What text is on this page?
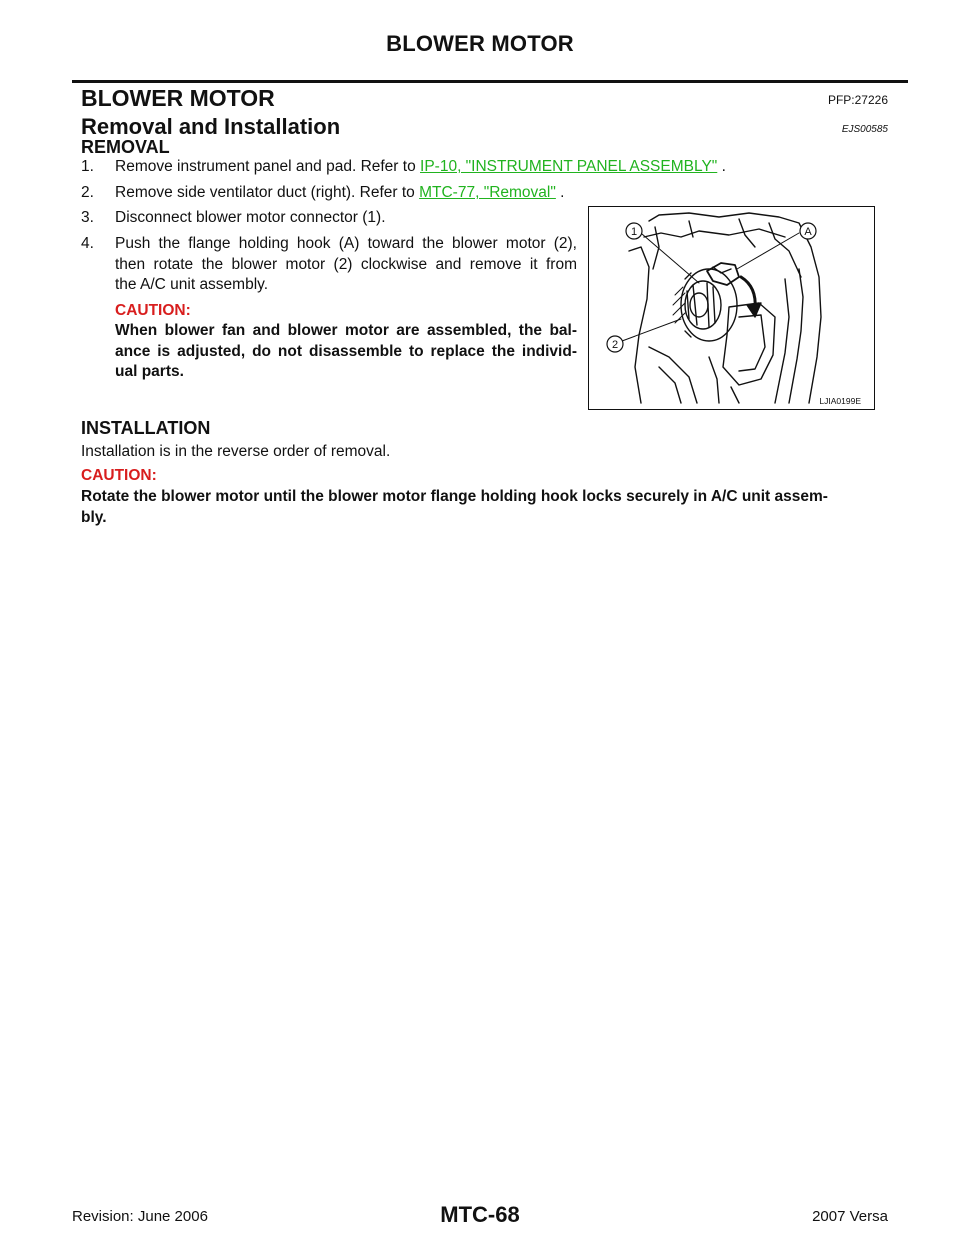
BLOWER MOTOR
BLOWER MOTOR	PFP:27226
Removal and Installation	EJS00585
REMOVAL
1. Remove instrument panel and pad. Refer to IP-10, "INSTRUMENT PANEL ASSEMBLY" .
2. Remove side ventilator duct (right). Refer to MTC-77, "Removal" .
3. Disconnect blower motor connector (1).
4.	Push the flange holding hook (A) toward the blower motor (2),
then rotate the blower motor (2) clockwise and remove it from
the A/C unit assembly.
CAUTION:
When blower fan and blower motor are assembled, the bal-
ance is adjusted, do not disassemble to replace the individ-
ual parts.
1	A
2
LJIA0199E
INSTALLATION
Installation is in the reverse order of removal.
CAUTION:
Rotate the blower motor until the blower motor flange holding hook locks securely in A/C unit assem-
bly.
Revision: June 2006	MTC-68	2007 Versa
